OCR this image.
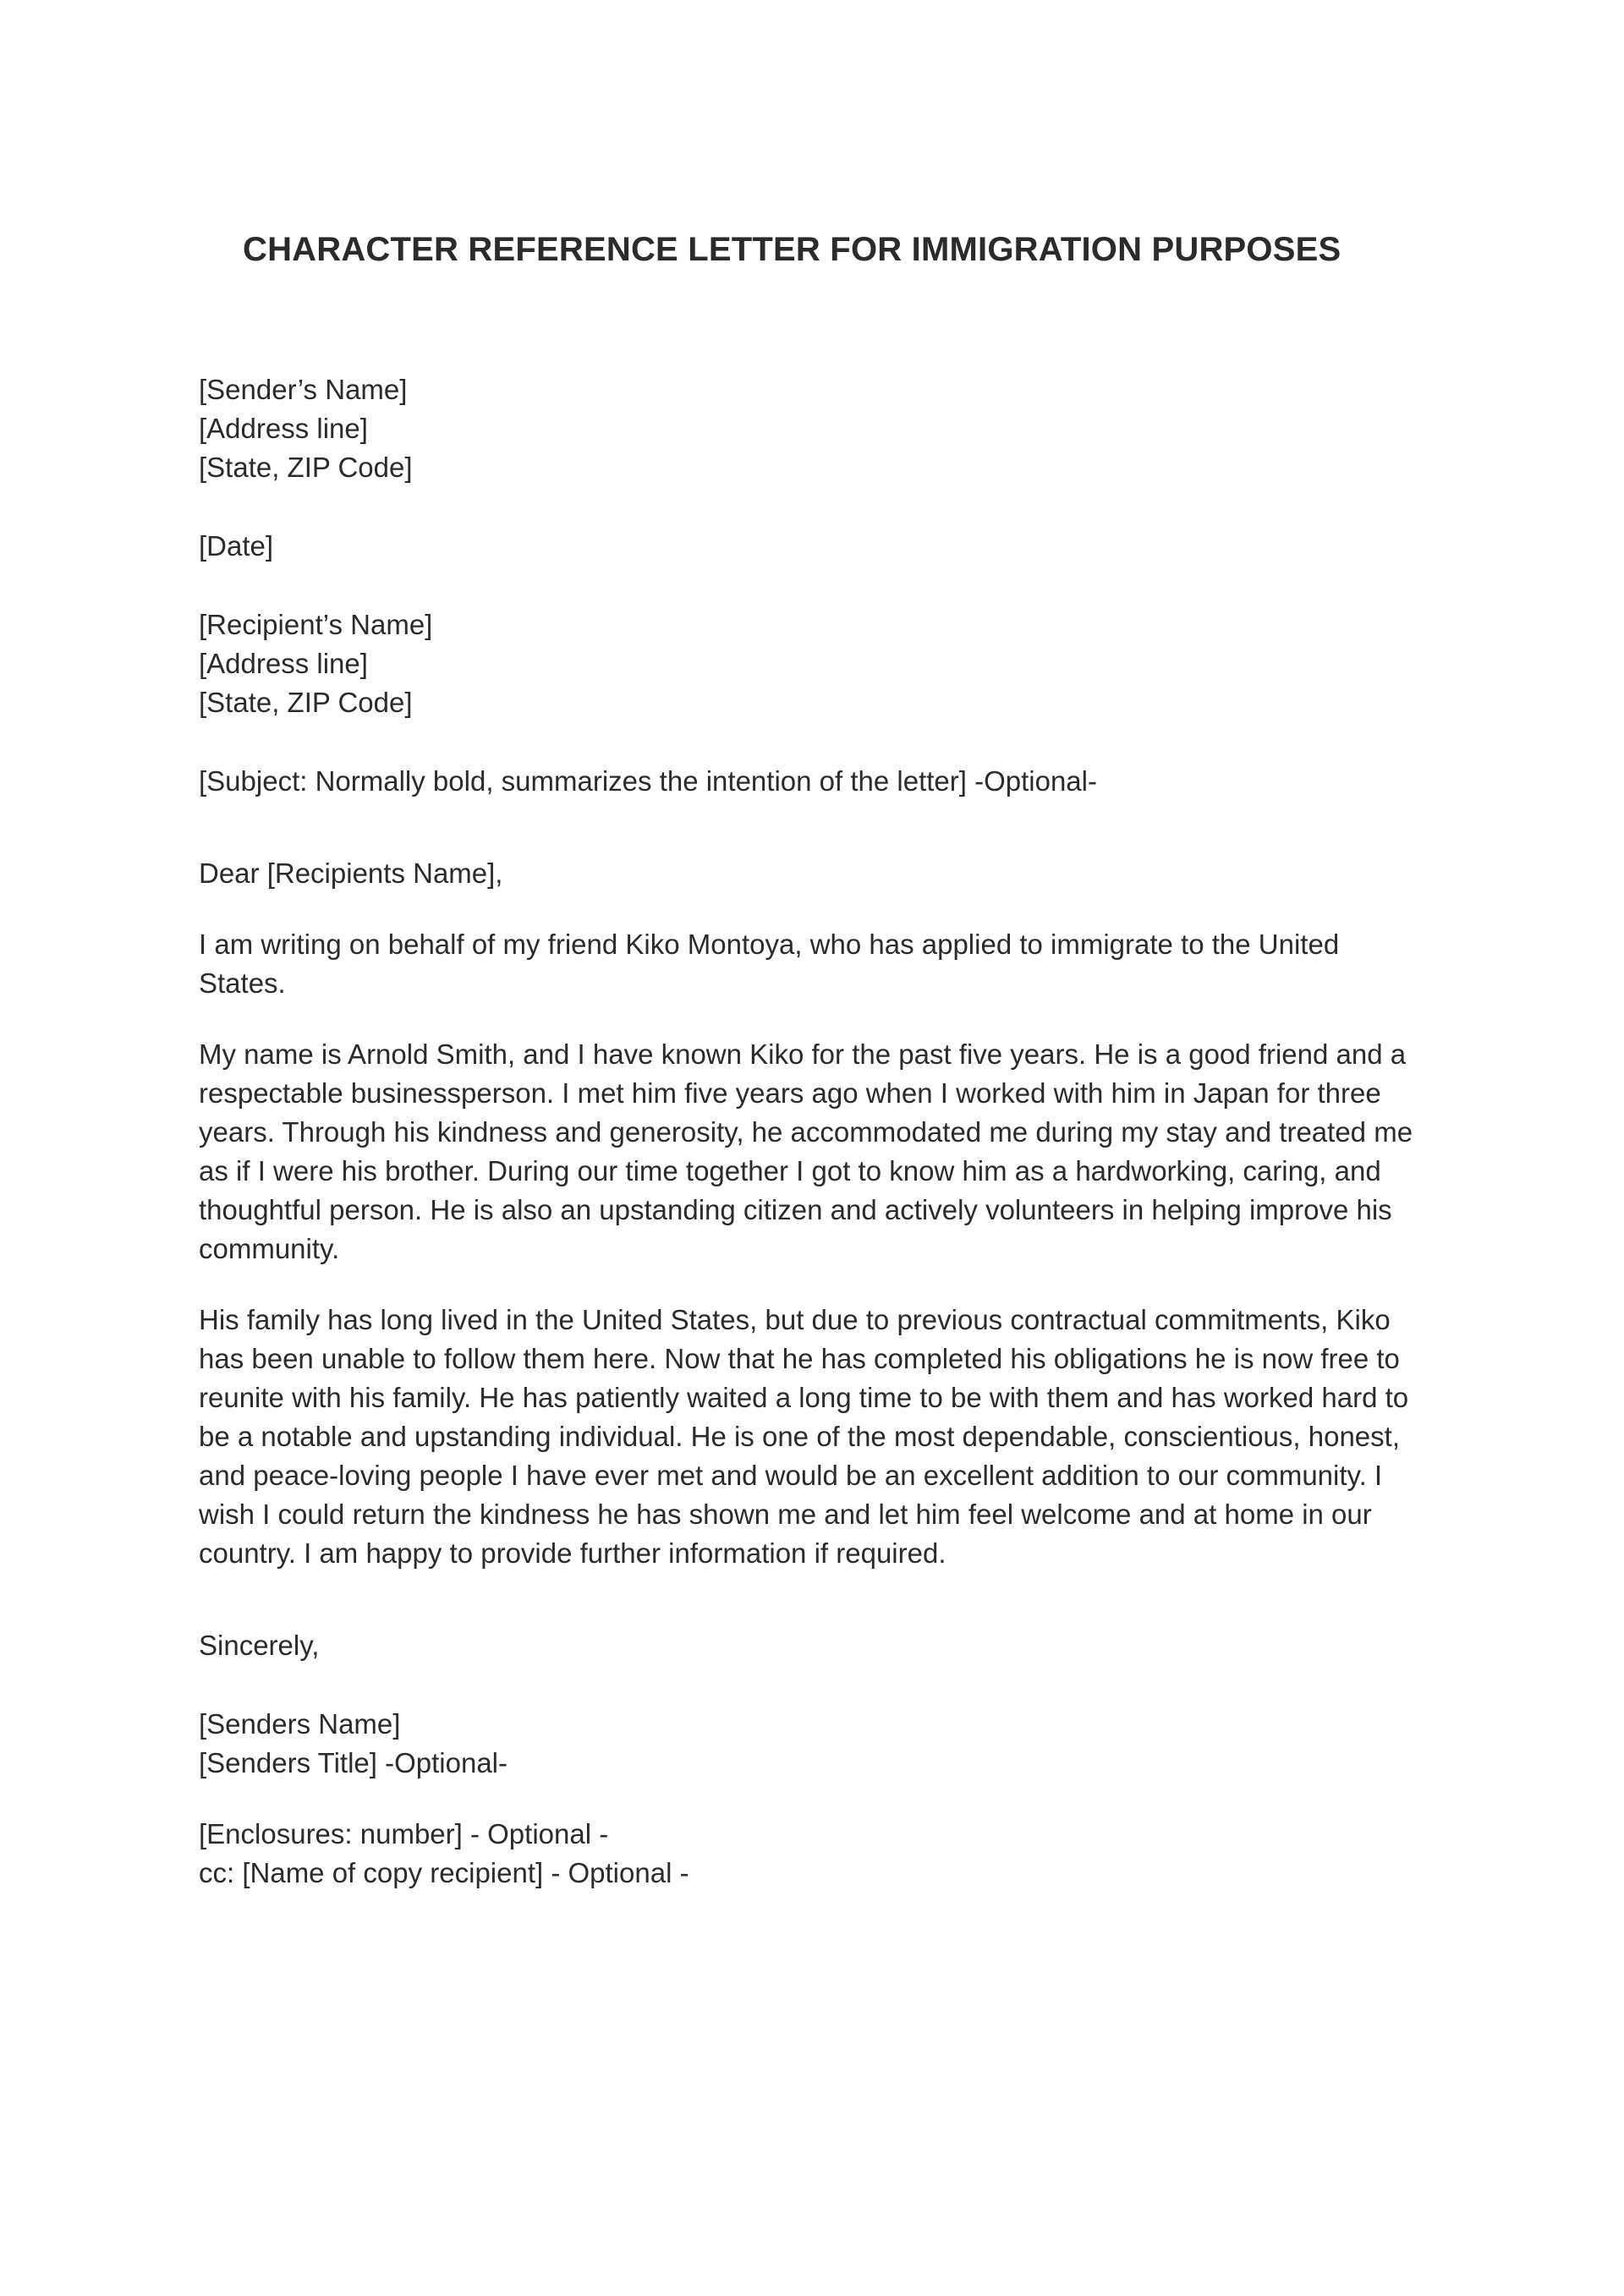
CHARACTER REFERENCE LETTER FOR IMMIGRATION PURPOSES
[Sender’s Name]
[Address line]
[State, ZIP Code]
[Date]
[Recipient’s Name]
[Address line]
[State, ZIP Code]
[Subject: Normally bold, summarizes the intention of the letter] -Optional-
Dear [Recipients Name],

I am writing on behalf of my friend Kiko Montoya, who has applied to immigrate to the United States.

My name is Arnold Smith, and I have known Kiko for the past five years. He is a good friend and a respectable businessperson. I met him five years ago when I worked with him in Japan for three years. Through his kindness and generosity, he accommodated me during my stay and treated me as if I were his brother. During our time together I got to know him as a hardworking, caring, and thoughtful person. He is also an upstanding citizen and actively volunteers in helping improve his community.

His family has long lived in the United States, but due to previous contractual commitments, Kiko has been unable to follow them here. Now that he has completed his obligations he is now free to reunite with his family. He has patiently waited a long time to be with them and has worked hard to be a notable and upstanding individual. He is one of the most dependable, conscientious, honest, and peace-loving people I have ever met and would be an excellent addition to our community. I wish I could return the kindness he has shown me and let him feel welcome and at home in our country. I am happy to provide further information if required.

Sincerely,
[Senders Name]
[Senders Title] -Optional-
[Enclosures: number] - Optional -
cc: [Name of copy recipient] - Optional -
